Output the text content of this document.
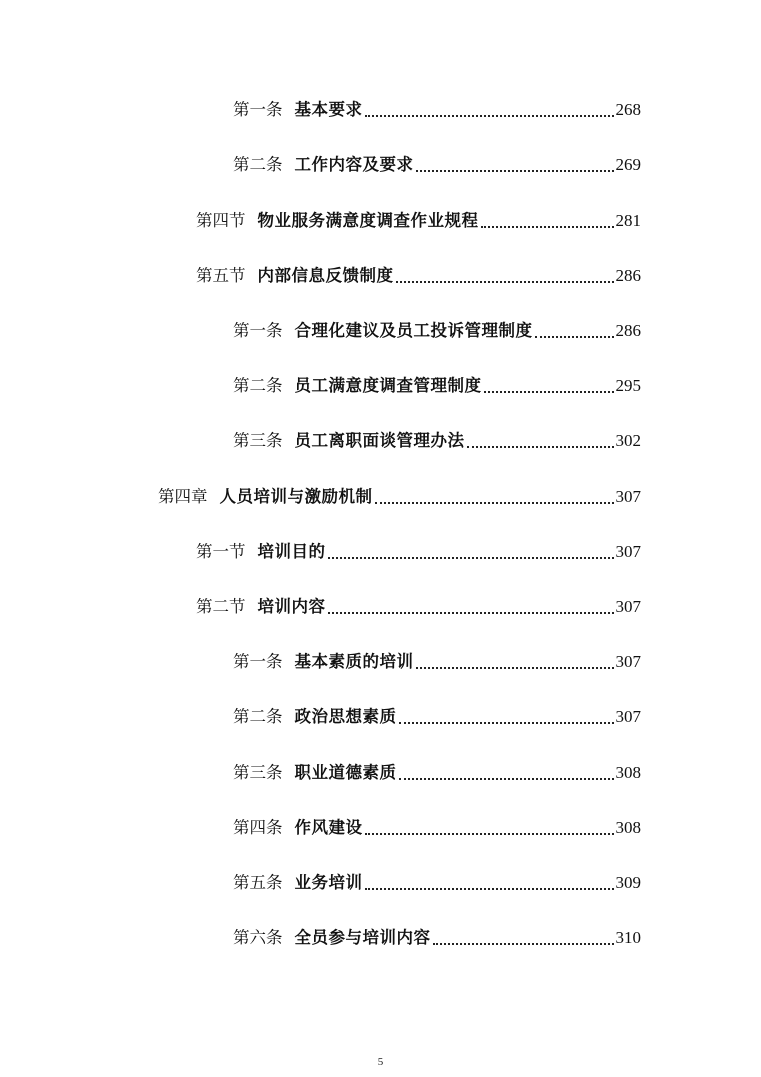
第一条 基本要求	268
第二条 工作内容及要求	269
第四节 物业服务满意度调查作业规程	281
第五节 内部信息反馈制度	286
第一条 合理化建议及员工投诉管理制度	286
第二条 员工满意度调查管理制度	295
第三条 员工离职面谈管理办法	302
第四章 人员培训与激励机制	307
第一节 培训目的	307
第二节 培训内容	307
第一条 基本素质的培训	307
第二条 政治思想素质	307
第三条 职业道德素质	308
第四条 作风建设	308
第五条 业务培训	309
第六条 全员参与培训内容	310
5
